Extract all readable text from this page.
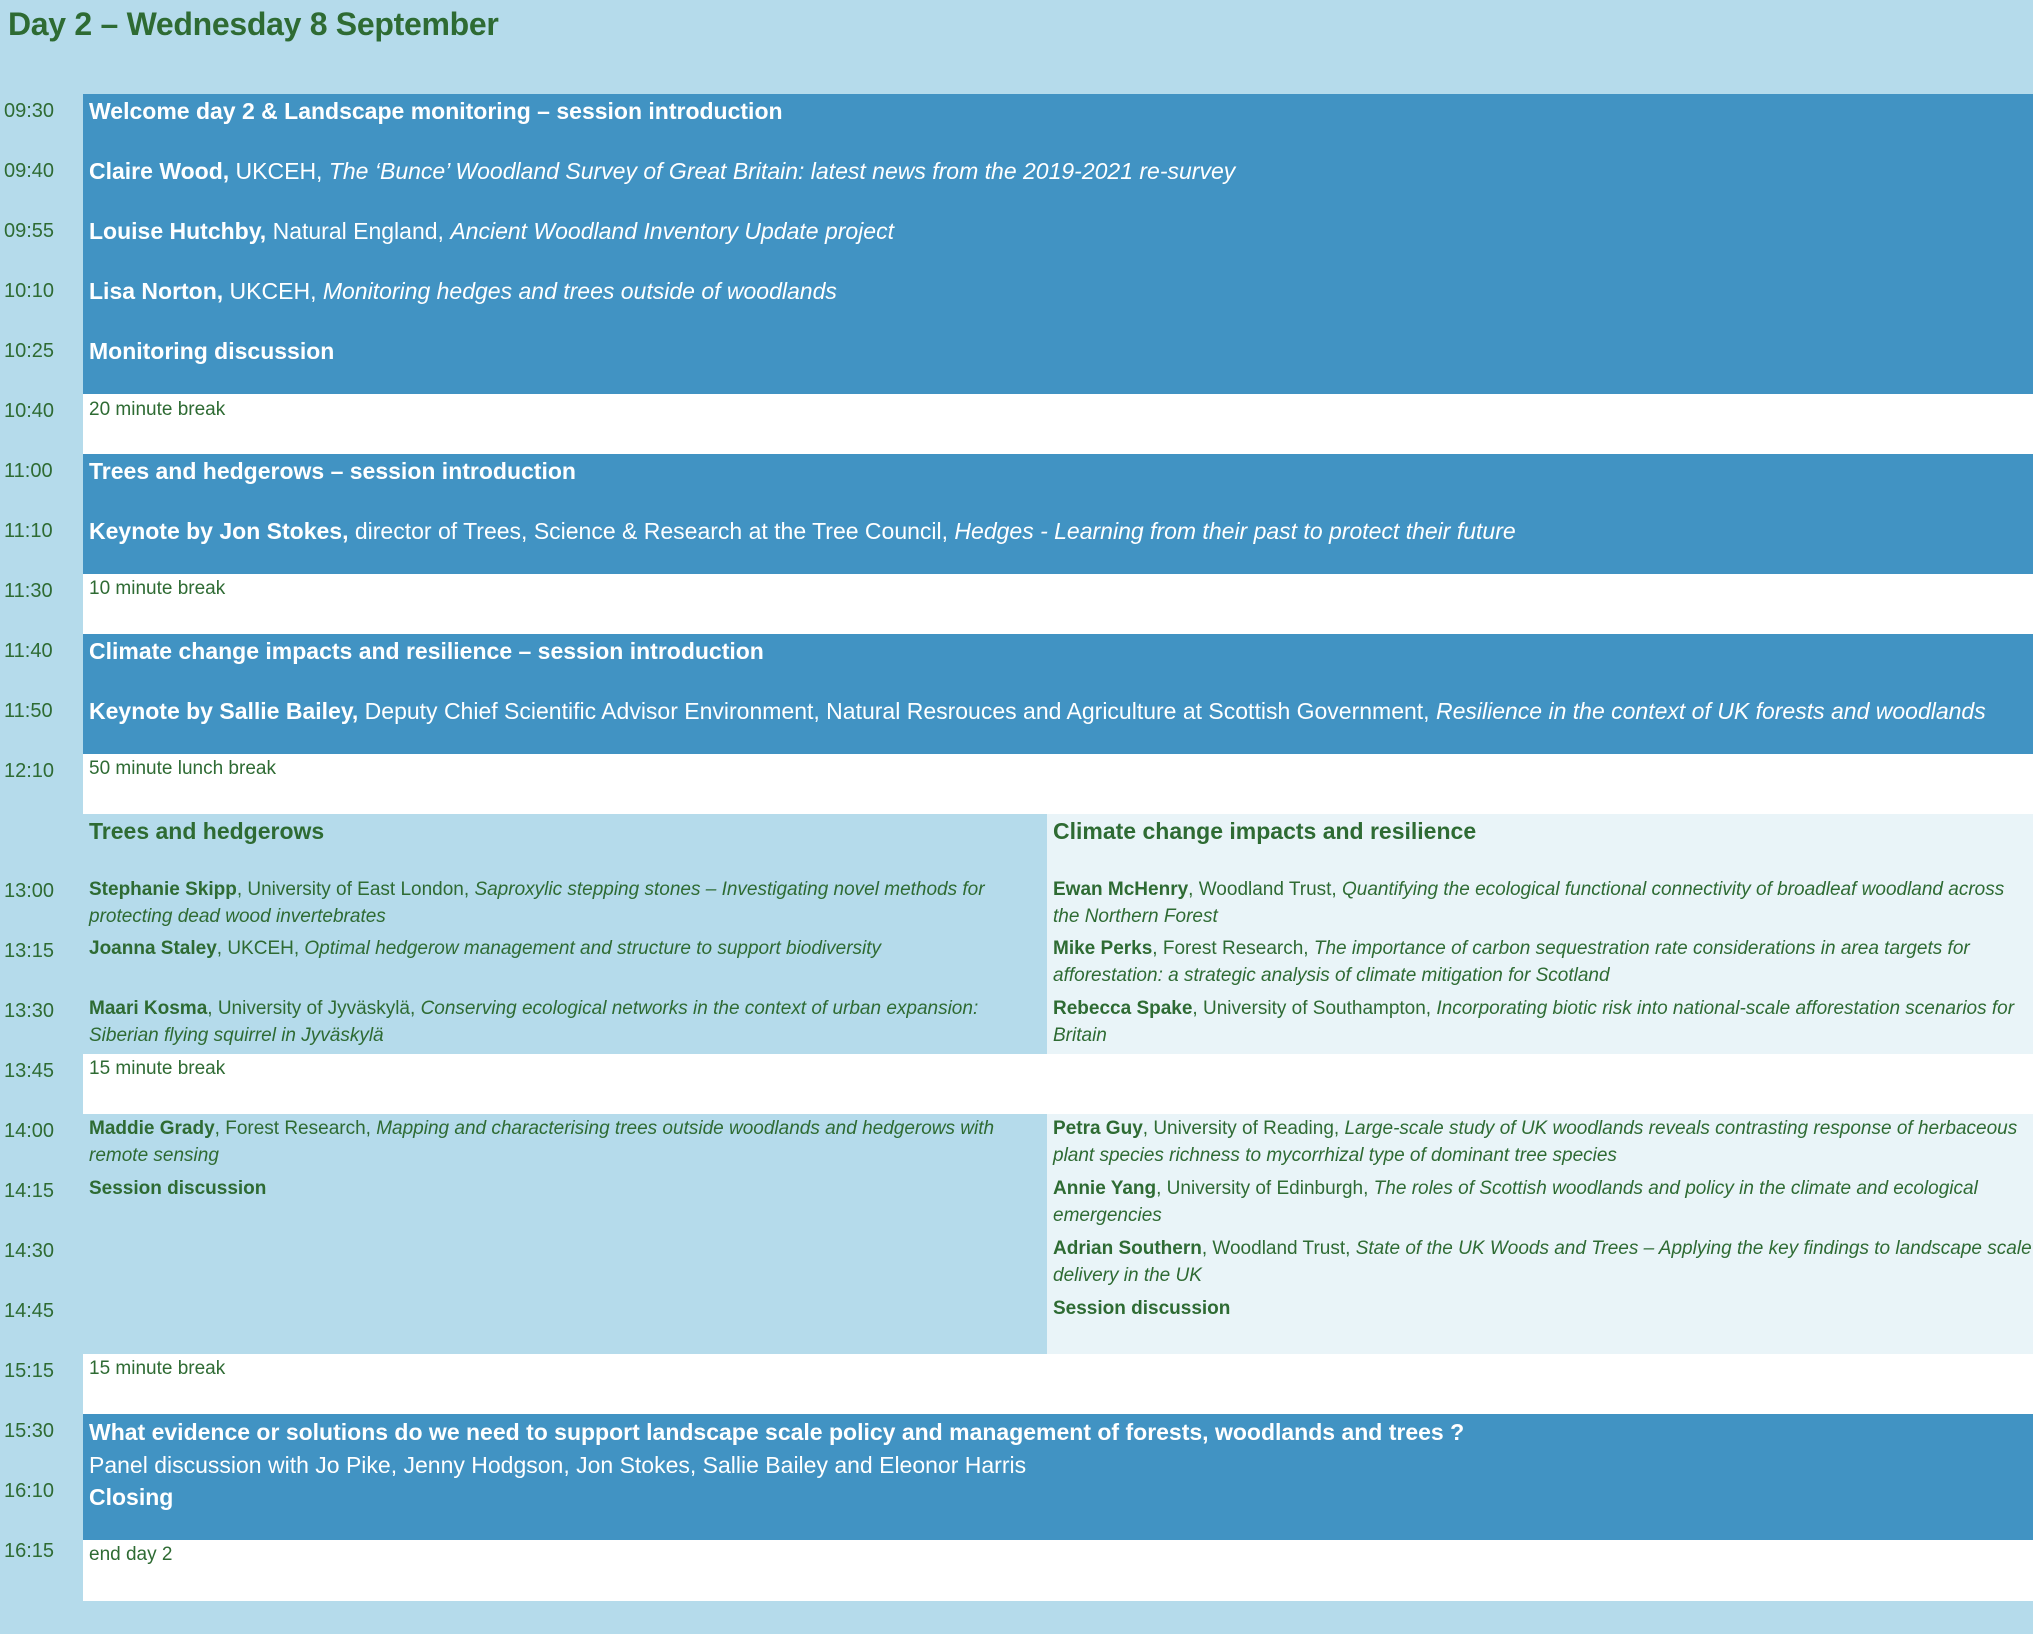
Day 2 – Wednesday 8 September
09:30
09:40
09:55
10:10
10:25
10:40
11:00
11:10
11:30
11:40
11:50
12:10
13:00
13:15
13:30
13:45
14:00
14:15
14:30
14:45
15:15
15:30
16:10
16:15
Welcome day 2 & Landscape monitoring – session introduction
Claire Wood, UKCEH, The ‘Bunce’ Woodland Survey of Great Britain: latest news from the 2019-2021 re-survey
Louise Hutchby, Natural England, Ancient Woodland Inventory Update project
Lisa Norton, UKCEH, Monitoring hedges and trees outside of woodlands
Monitoring discussion
20 minute break
Trees and hedgerows – session introduction
Keynote by Jon Stokes, director of Trees, Science & Research at the Tree Council, Hedges - Learning from their past to protect their future
10 minute break
Climate change impacts and resilience – session introduction
Keynote by Sallie Bailey, Deputy Chief Scientific Advisor Environment, Natural Resrouces and Agriculture at Scottish Government, Resilience in the context of UK forests and woodlands
50 minute lunch break
Trees and hedgerows	Climate change impacts and resilience
Stephanie Skipp, University of East London, Saproxylic stepping stones – Investigating novel methods for protecting dead wood invertebrates
Joanna Staley, UKCEH, Optimal hedgerow management and structure to support biodiversity
Maari Kosma, University of Jyväskylä, Conserving ecological networks in the context of urban expansion: Siberian flying squirrel in Jyväskylä
Ewan McHenry, Woodland Trust, Quantifying the ecological functional connectivity of broadleaf woodland across the Northern Forest
Mike Perks, Forest Research, The importance of carbon sequestration rate considerations in area targets for afforestation: a strategic analysis of climate mitigation for Scotland
Rebecca Spake, University of Southampton, Incorporating biotic risk into national-scale afforestation scenarios for Britain
15 minute break
Maddie Grady, Forest Research, Mapping and characterising trees outside woodlands and hedgerows with remote sensing
Session discussion
Petra Guy, University of Reading, Large-scale study of UK woodlands reveals contrasting response of herbaceous plant species richness to mycorrhizal type of dominant tree species
Annie Yang, University of Edinburgh, The roles of Scottish woodlands and policy in the climate and ecological emergencies
Adrian Southern, Woodland Trust, State of the UK Woods and Trees – Applying the key findings to landscape scale delivery in the UK
Session discussion
15 minute break
What evidence or solutions do we need to support landscape scale policy and management of forests, woodlands and trees ?
Panel discussion with Jo Pike, Jenny Hodgson, Jon Stokes, Sallie Bailey and Eleonor Harris
Closing
end day 2
